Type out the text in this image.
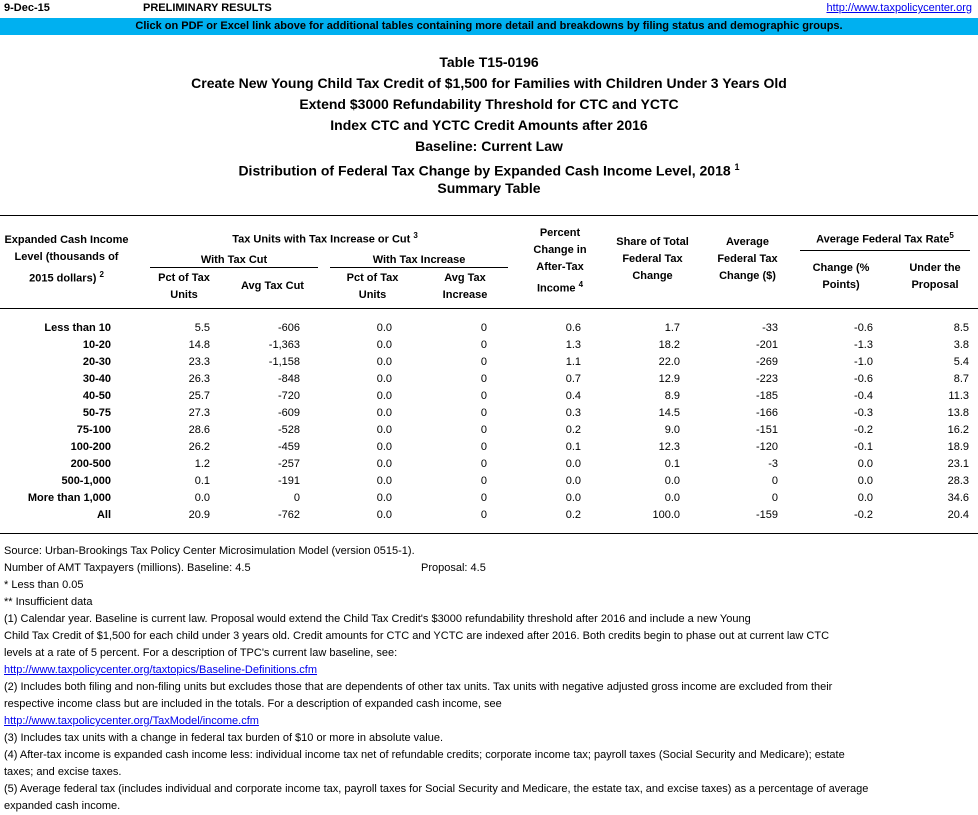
9-Dec-15	PRELIMINARY RESULTS	http://www.taxpolicycenter.org
Click on PDF or Excel link above for additional tables containing more detail and breakdowns by filing status and demographic groups.
Table T15-0196
Create New Young Child Tax Credit of $1,500 for Families with Children Under 3 Years Old
Extend $3000 Refundability Threshold for CTC and YCTC
Index CTC and YCTC Credit Amounts after 2016
Baseline: Current Law
Distribution of Federal Tax Change by Expanded Cash Income Level, 2018 $^1$
Summary Table
Expanded Cash Income
Level (thousands of
2015 dollars) $^2$
Tax Units with Tax Increase or Cut $^3$
With Tax Cut	With Tax Increase
Pct of Tax
Units
Avg Tax Cut
Pct of Tax
Units
Avg Tax
Increase
Percent
Change in
After-Tax
Income $^4$
Share of Total
Federal Tax
Change
Average
Federal Tax
Change ($)
Average Federal Tax Rate$^5$
Change (%
Points)
Under the
Proposal
Less than 10	5.5	-606	0.0	0	0.6	1.7	-33	-0.6	8.5
10-20	14.8	-1,363	0.0	0	1.3	18.2	-201	-1.3	3.8
20-30	23.3	-1,158	0.0	0	1.1	22.0	-269	-1.0	5.4
30-40	26.3	-848	0.0	0	0.7	12.9	-223	-0.6	8.7
40-50	25.7	-720	0.0	0	0.4	8.9	-185	-0.4	11.3
50-75	27.3	-609	0.0	0	0.3	14.5	-166	-0.3	13.8
75-100	28.6	-528	0.0	0	0.2	9.0	-151	-0.2	16.2
100-200	26.2	-459	0.0	0	0.1	12.3	-120	-0.1	18.9
200-500	1.2	-257	0.0	0	0.0	0.1	-3	0.0	23.1
500-1,000	0.1	-191	0.0	0	0.0	0.0	0	0.0	28.3
More than 1,000	0.0	0	0.0	0	0.0	0.0	0	0.0	34.6
All	20.9	-762	0.0	0	0.2	100.0	-159	-0.2	20.4
Source: Urban-Brookings Tax Policy Center Microsimulation Model (version 0515-1).
Number of AMT Taxpayers (millions). Baseline: 4.5	Proposal: 4.5
* Less than 0.05
** Insufficient data
(1) Calendar year. Baseline is current law. Proposal would extend the Child Tax Credit's $3000 refundability threshold after 2016 and include a new Young
Child Tax Credit of $1,500 for each child under 3 years old. Credit amounts for CTC and YCTC are indexed after 2016. Both credits begin to phase out at current law CTC
levels at a rate of 5 percent. For a description of TPC's current law baseline, see:
http://www.taxpolicycenter.org/taxtopics/Baseline-Definitions.cfm
(2) Includes both filing and non-filing units but excludes those that are dependents of other tax units. Tax units with negative adjusted gross income are excluded from their
respective income class but are included in the totals. For a description of expanded cash income, see
http://www.taxpolicycenter.org/TaxModel/income.cfm
(3) Includes tax units with a change in federal tax burden of $10 or more in absolute value.
(4) After-tax income is expanded cash income less: individual income tax net of refundable credits; corporate income tax; payroll taxes (Social Security and Medicare); estate
taxes; and excise taxes.
(5) Average federal tax (includes individual and corporate income tax, payroll taxes for Social Security and Medicare, the estate tax, and excise taxes) as a percentage of average
expanded cash income.
